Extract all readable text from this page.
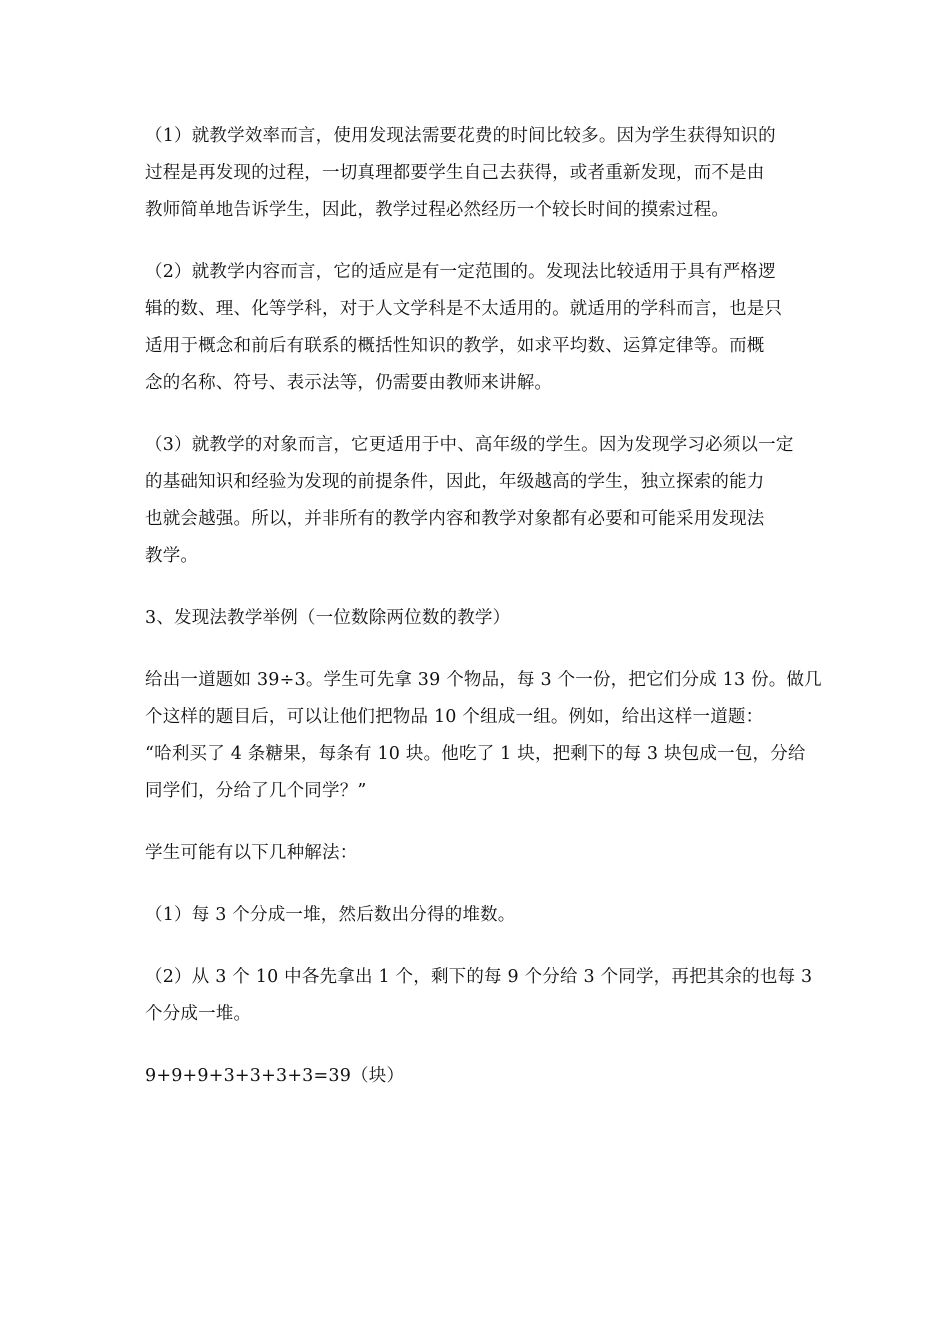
（1）就教学效率而言，使用发现法需要花费的时间比较多。因为学生获得知识的
过程是再发现的过程，一切真理都要学生自己去获得，或者重新发现，而不是由
教师简单地告诉学生，因此，教学过程必然经历一个较长时间的摸索过程。

（2）就教学内容而言，它的适应是有一定范围的。发现法比较适用于具有严格逻
辑的数、理、化等学科，对于人文学科是不太适用的。就适用的学科而言，也是只
适用于概念和前后有联系的概括性知识的教学，如求平均数、运算定律等。而概
念的名称、符号、表示法等，仍需要由教师来讲解。

（3）就教学的对象而言，它更适用于中、高年级的学生。因为发现学习必须以一定
的基础知识和经验为发现的前提条件，因此，年级越高的学生，独立探索的能力
也就会越强。所以，并非所有的教学内容和教学对象都有必要和可能采用发现法
教学。

3、发现法教学举例（一位数除两位数的教学）

给出一道题如 39÷3。学生可先拿 39 个物品，每 3 个一份，把它们分成 13 份。做几
个这样的题目后，可以让他们把物品 10 个组成一组。例如，给出这样一道题：
“哈利买了 4 条糖果，每条有 10 块。他吃了 1 块，把剩下的每 3 块包成一包，分给
同学们，分给了几个同学？”

学生可能有以下几种解法：

（1）每 3 个分成一堆，然后数出分得的堆数。

（2）从 3 个 10 中各先拿出 1 个，剩下的每 9 个分给 3 个同学，再把其余的也每 3
个分成一堆。

9+9+9+3+3+3+3=39（块）
